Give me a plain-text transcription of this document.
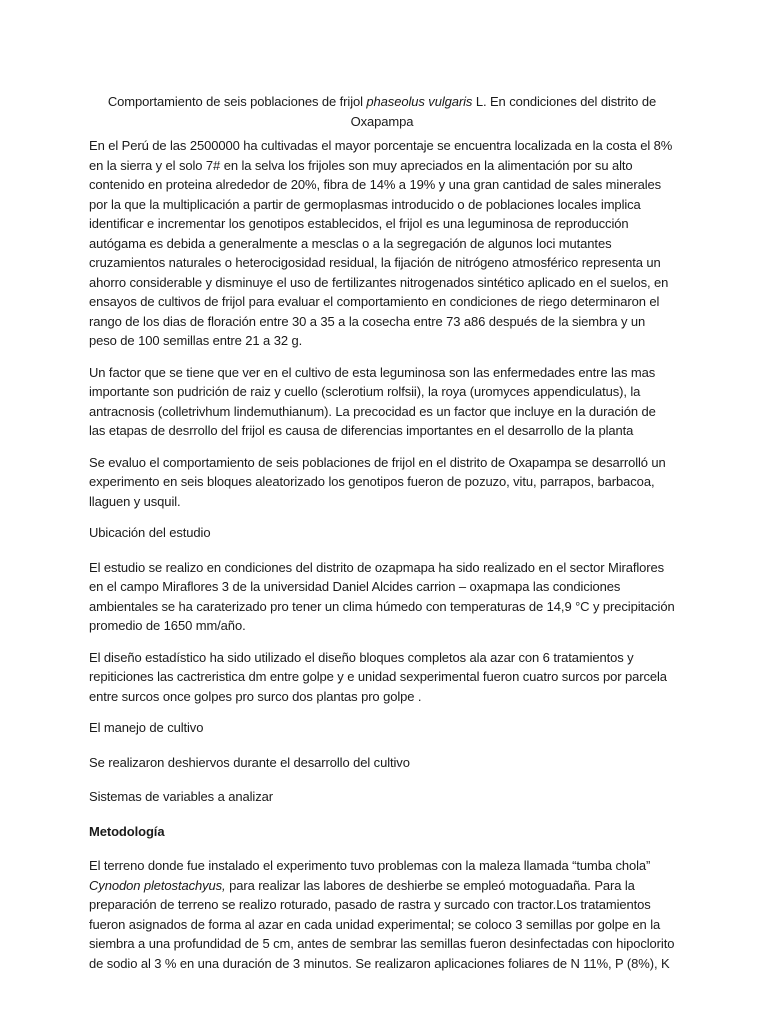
Comportamiento de seis poblaciones de frijol phaseolus vulgaris L. En condiciones del distrito de Oxapampa

En el Perú de las 2500000 ha cultivadas el mayor porcentaje se encuentra localizada en la costa el 8% en la sierra y el solo 7# en la selva los frijoles son muy apreciados en la alimentación por su alto contenido en proteina alrededor de 20%, fibra de 14% a 19% y una gran cantidad de sales minerales por la que la multiplicación a partir de germoplasmas introducido o de poblaciones locales implica identificar e incrementar los genotipos establecidos, el frijol es una leguminosa de reproducción autógama es debida a generalmente a mesclas o a la segregación de algunos loci mutantes cruzamientos naturales o heterocigosidad residual, la fijación de nitrógeno atmosférico representa un ahorro considerable y disminuye el uso de fertilizantes nitrogenados sintético aplicado en el suelos, en ensayos de cultivos de frijol para evaluar el comportamiento en condiciones de riego determinaron el rango de los dias de floración entre 30 a 35 a la cosecha entre 73 a86 después de la siembra y un peso de 100 semillas entre 21 a 32 g.

Un factor que se tiene que ver en el cultivo de esta leguminosa son las enfermedades entre las mas importante son pudrición de raiz y cuello (sclerotium rolfsii), la roya (uromyces appendiculatus), la antracnosis (colletrivhum lindemuthianum). La precocidad es un factor que incluye en la duración de las etapas de desrrollo del frijol es causa de diferencias importantes en el desarrollo de la planta

Se evaluo el comportamiento de seis poblaciones de frijol en el distrito de Oxapampa se desarrolló un experimento en seis bloques aleatorizado los genotipos fueron de pozuzo, vitu, parrapos, barbacoa, llaguen y usquil.

Ubicación del estudio

El estudio se realizo en condiciones del distrito de ozapmapa ha sido realizado en el sector Miraflores en el campo Miraflores 3 de la universidad Daniel Alcides carrion – oxapmapa las condiciones ambientales se ha caraterizado pro tener un clima húmedo con temperaturas de 14,9 °C y precipitación promedio de 1650 mm/año.

El diseño estadístico ha sido utilizado el diseño bloques completos ala azar con 6 tratamientos y repiticiones las cactreristica dm entre golpe y e unidad sexperimental fueron cuatro surcos por parcela entre surcos once golpes pro surco dos plantas pro golpe .

El manejo de cultivo

Se realizaron deshiervos durante el desarrollo del cultivo

Sistemas de variables a analizar

Metodología

El terreno donde fue instalado el experimento tuvo problemas con la maleza llamada “tumba chola” Cynodon pletostachyus, para realizar las labores de deshierbe se empleó motoguadaña. Para la preparación de terreno se realizo roturado, pasado de rastra y surcado con tractor.Los tratamientos fueron asignados de forma al azar en cada unidad experimental; se coloco 3 semillas por golpe en la siembra a una profundidad de 5 cm, antes de sembrar las semillas fueron desinfectadas con hipoclorito de sodio al 3 % en una duración de 3 minutos. Se realizaron aplicaciones foliares de N 11%, P (8%), K
